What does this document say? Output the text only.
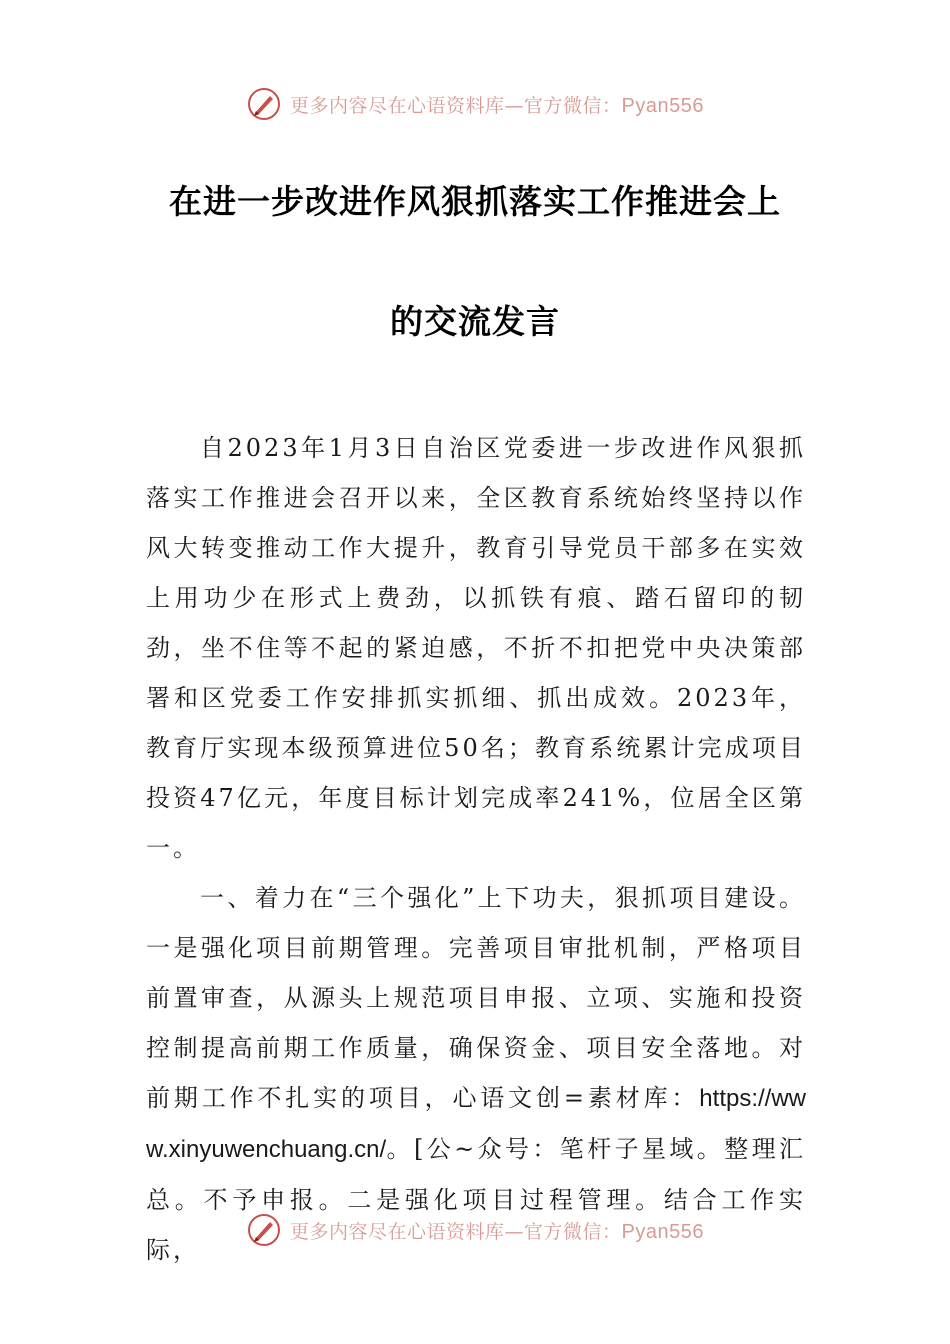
更多内容尽在心语资料库—官方微信：Pyan556
在进一步改进作风狠抓落实工作推进会上
的交流发言

自2023年1月3日自治区党委进一步改进作风狠抓落实工作推进会召开以来，全区教育系统始终坚持以作风大转变推动工作大提升，教育引导党员干部多在实效上用功少在形式上费劲，以抓铁有痕、踏石留印的韧劲，坐不住等不起的紧迫感，不折不扣把党中央决策部署和区党委工作安排抓实抓细、抓出成效。2023年，教育厅实现本级预算进位50名；教育系统累计完成项目投资47亿元，年度目标计划完成率241%，位居全区第一。

一、着力在“三个强化”上下功夫，狠抓项目建设。一是强化项目前期管理。完善项目审批机制，严格项目前置审查，从源头上规范项目申报、立项、实施和投资控制提高前期工作质量，确保资金、项目安全落地。对前期工作不扎实的项目，心语文创=素材库：https://www.xinyuwenchuang.cn/。[公~众号：笔杆子星域。整理汇总。不予申报。二是强化项目过程管理。结合工作实际，

更多内容尽在心语资料库—官方微信：Pyan556
